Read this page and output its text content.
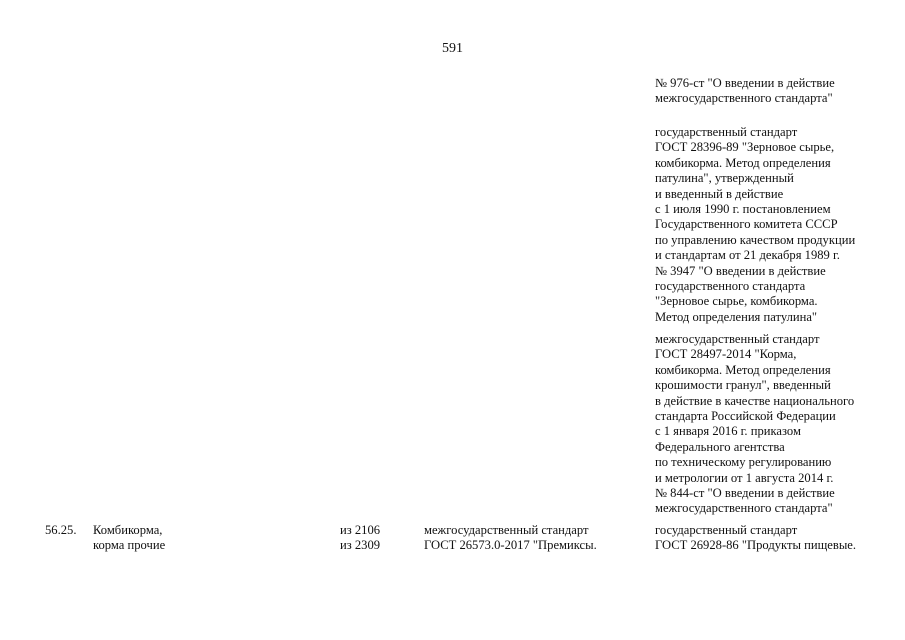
591
№ 976-ст "О введении в действие
межгосударственного стандарта"
государственный стандарт
ГОСТ 28396-89 "Зерновое сырье,
комбикорма. Метод определения
патулина", утвержденный
и введенный в действие
с 1 июля 1990 г. постановлением
Государственного комитета СССР
по управлению качеством продукции
и стандартам от 21 декабря 1989 г.
№ 3947 "О введении в действие
государственного стандарта
"Зерновое сырье, комбикорма.
Метод определения патулина"
межгосударственный стандарт
ГОСТ 28497-2014 "Корма,
комбикорма. Метод определения
крошимости гранул", введенный
в действие в качестве национального
стандарта Российской Федерации
с 1 января 2016 г. приказом
Федерального агентства
по техническому регулированию
и метрологии от 1 августа 2014 г.
№ 844-ст "О введении в действие
межгосударственного стандарта"
56.25. Комбикорма,
корма прочие
из 2106
из 2309
межгосударственный стандарт
ГОСТ 26573.0-2017 "Премиксы.
государственный стандарт
ГОСТ 26928-86 "Продукты пищевые.
